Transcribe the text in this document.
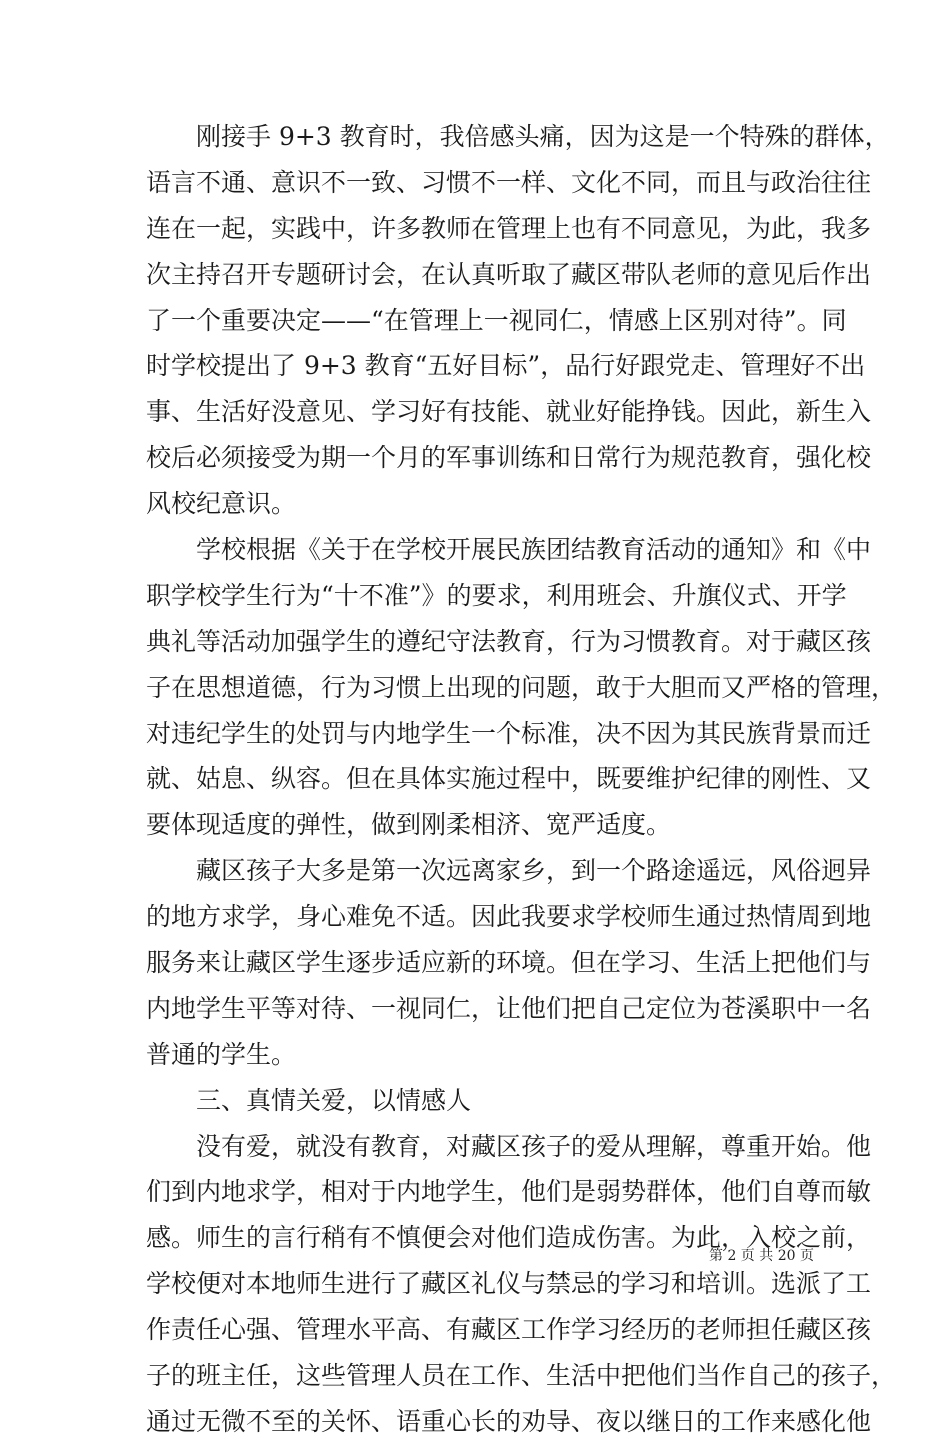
刚接手 9+3 教育时，我倍感头痛，因为这是一个特殊的群体，
语言不通、意识不一致、习惯不一样、文化不同，而且与政治往往
连在一起，实践中，许多教师在管理上也有不同意见，为此，我多
次主持召开专题研讨会，在认真听取了藏区带队老师的意见后作出
了一个重要决定——“在管理上一视同仁，情感上区别对待”。同
时学校提出了 9+3 教育“五好目标”，品行好跟党走、管理好不出
事、生活好没意见、学习好有技能、就业好能挣钱。因此，新生入
校后必须接受为期一个月的军事训练和日常行为规范教育，强化校
风校纪意识。
学校根据《关于在学校开展民族团结教育活动的通知》和《中
职学校学生行为“十不准”》的要求，利用班会、升旗仪式、开学
典礼等活动加强学生的遵纪守法教育，行为习惯教育。对于藏区孩
子在思想道德，行为习惯上出现的问题，敢于大胆而又严格的管理，
对违纪学生的处罚与内地学生一个标准，决不因为其民族背景而迁
就、姑息、纵容。但在具体实施过程中，既要维护纪律的刚性、又
要体现适度的弹性，做到刚柔相济、宽严适度。
藏区孩子大多是第一次远离家乡，到一个路途遥远，风俗迥异
的地方求学，身心难免不适。因此我要求学校师生通过热情周到地
服务来让藏区学生逐步适应新的环境。但在学习、生活上把他们与
内地学生平等对待、一视同仁，让他们把自己定位为苍溪职中一名
普通的学生。
三、真情关爱，以情感人
没有爱，就没有教育，对藏区孩子的爱从理解，尊重开始。他
们到内地求学，相对于内地学生，他们是弱势群体，他们自尊而敏
感。师生的言行稍有不慎便会对他们造成伤害。为此，入校之前，
学校便对本地师生进行了藏区礼仪与禁忌的学习和培训。选派了工
作责任心强、管理水平高、有藏区工作学习经历的老师担任藏区孩
子的班主任，这些管理人员在工作、生活中把他们当作自己的孩子，
通过无微不至的关怀、语重心长的劝导、夜以继日的工作来感化他
第 2 页 共 20 页
